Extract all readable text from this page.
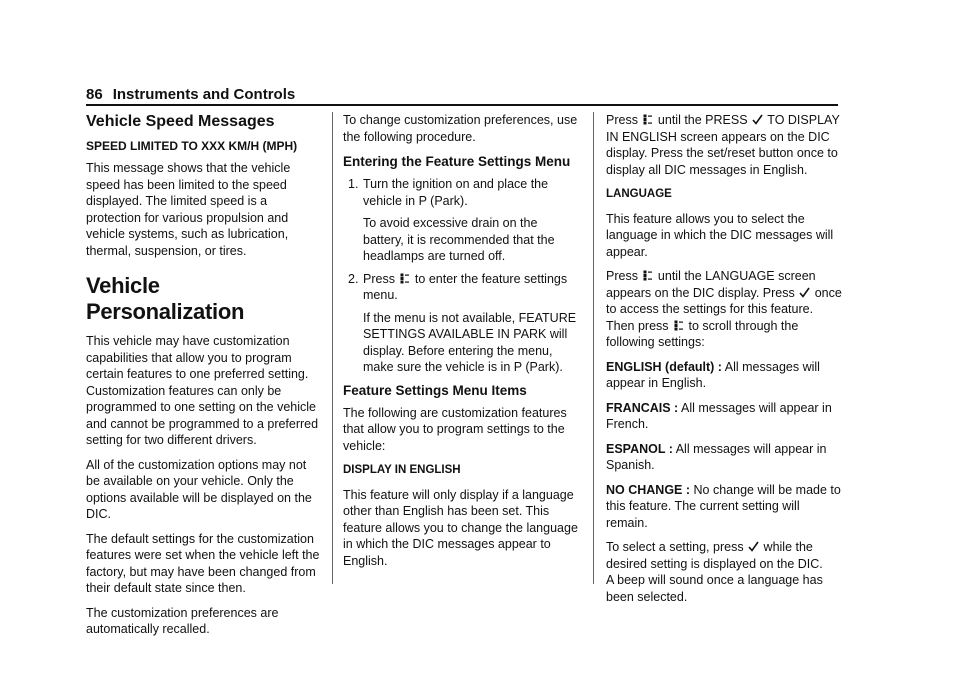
86 Instruments and Controls
Vehicle Speed Messages
SPEED LIMITED TO XXX KM/H (MPH)

This message shows that the vehicle speed has been limited to the speed displayed. The limited speed is a protection for various propulsion and vehicle systems, such as lubrication, thermal, suspension, or tires.

Vehicle Personalization

This vehicle may have customization capabilities that allow you to program certain features to one preferred setting. Customization features can only be programmed to one setting on the vehicle and cannot be programmed to a preferred setting for two different drivers.

All of the customization options may not be available on your vehicle. Only the options available will be displayed on the DIC.

The default settings for the customization features were set when the vehicle left the factory, but may have been changed from their default state since then.

The customization preferences are automatically recalled.

To change customization preferences, use the following procedure.

Entering the Feature Settings Menu
1. Turn the ignition on and place the vehicle in P (Park).
To avoid excessive drain on the battery, it is recommended that the headlamps are turned off.
2. Press to enter the feature settings menu.
If the menu is not available, FEATURE SETTINGS AVAILABLE IN PARK will display. Before entering the menu, make sure the vehicle is in P (Park).
Feature Settings Menu Items

The following are customization features that allow you to program settings to the vehicle:

DISPLAY IN ENGLISH

This feature will only display if a language other than English has been set. This feature allows you to change the language in which the DIC messages appear to English.

Press until the PRESS TO DISPLAY IN ENGLISH screen appears on the DIC display. Press the set/reset button once to display all DIC messages in English.

LANGUAGE

This feature allows you to select the language in which the DIC messages will appear.

Press until the LANGUAGE screen appears on the DIC display. Press once to access the settings for this feature. Then press to scroll through the following settings:

ENGLISH (default) : All messages will appear in English.

FRANCAIS : All messages will appear in French.

ESPANOL : All messages will appear in Spanish.

NO CHANGE : No change will be made to this feature. The current setting will remain.

To select a setting, press while the desired setting is displayed on the DIC.

A beep will sound once a language has been selected.
